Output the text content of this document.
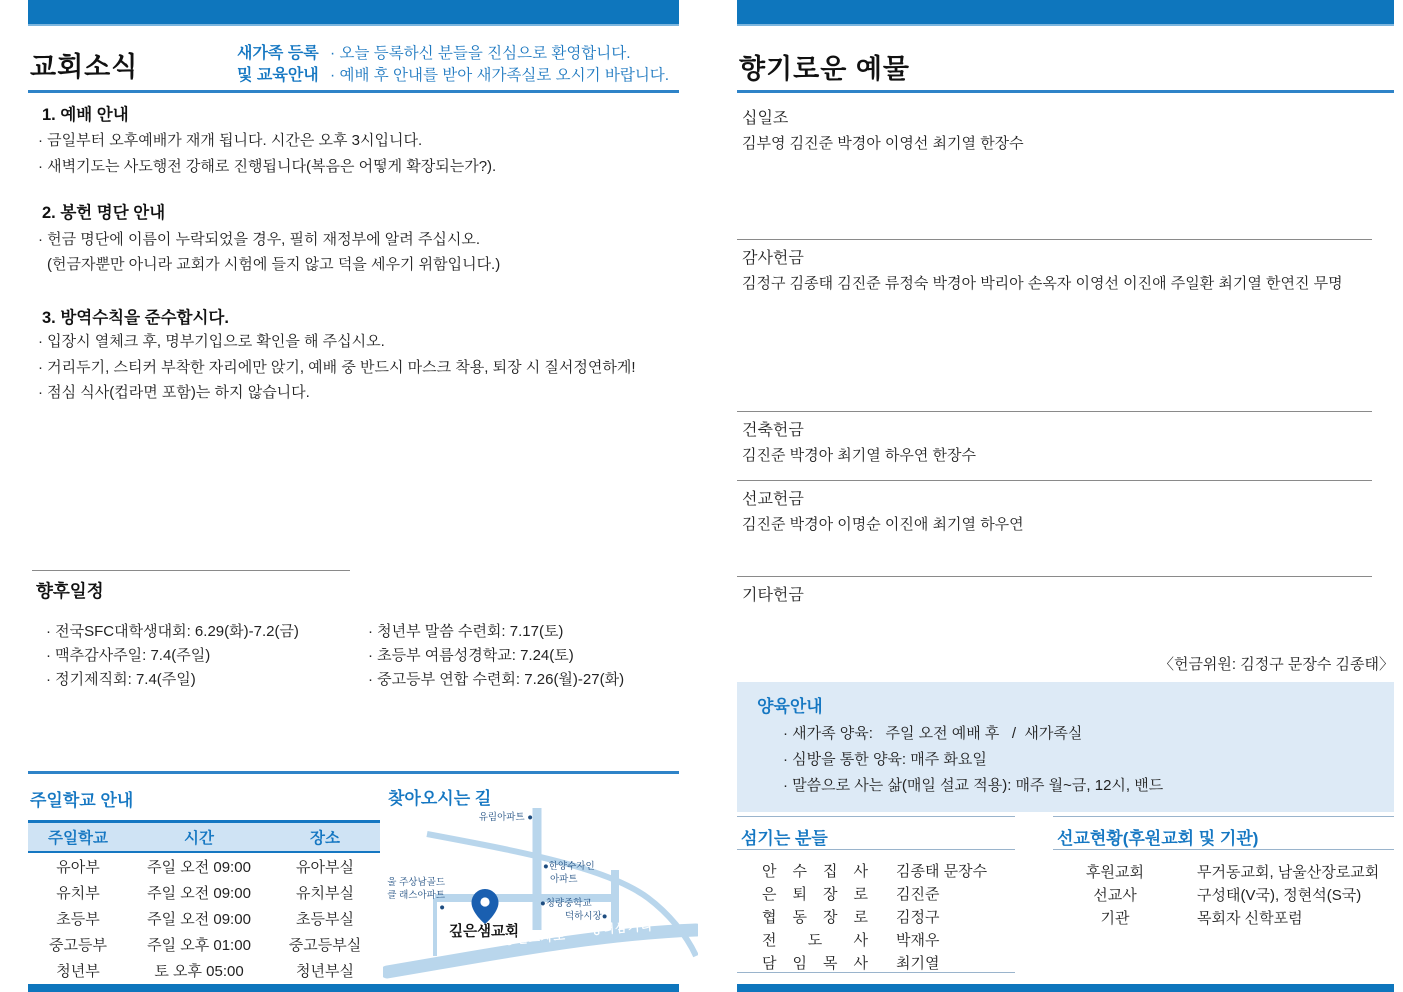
교회소식	새가족 등록
및 교육안내
· 오늘 등록하신 분들을 진심으로 환영합니다.
· 예배 후 안내를 받아 새가족실로 오시기 바랍니다.
1. 예배 안내
· 금일부터 오후예배가 재개 됩니다. 시간은 오후 3시입니다.
· 새벽기도는 사도행전 강해로 진행됩니다(복음은 어떻게 확장되는가?).
2. 봉헌 명단 안내
· 헌금 명단에 이름이 누락되었을 경우, 필히 재정부에 알려 주십시오.
(헌금자뿐만 아니라 교회가 시험에 들지 않고 덕을 세우기 위함입니다.)
3. 방역수칙을 준수합시다.
· 입장시 열체크 후, 명부기입으로 확인을 해 주십시오.
· 거리두기, 스티커 부착한 자리에만 앉기, 예배 중 반드시 마스크 착용, 퇴장 시 질서정연하게!
· 점심 식사(컵라면 포함)는 하지 않습니다.
향후일정
· 전국SFC대학생대회: 6.29(화)-7.2(금)
· 맥추감사주일: 7.4(주일)
· 정기제직회: 7.4(주일)
· 청년부 말씀 수련회: 7.17(토)
· 초등부 여름성경학교: 7.24(토)
· 중고등부 연합 수련회: 7.26(월)-27(화)
주일학교 안내
주일학교	시간	장소
유아부	주일 오전 09:00	유아부실
유치부	주일 오전 09:00	유치부실
초등부	주일 오전 09:00	초등부실
중고등부	주일 오후 01:00	중고등부실
청년부	토 오후 05:00	청년부실
찾아오시는 길
유림아파트 ●
●한양수자인
아파트
울 주상남골드
클 래스아파트 ●	●청량중학교
덕하시장●
깊은샘교회
송전교차로
장터삼거리
향기로운 예물
십일조
김부영 김진준 박경아 이영선 최기열 한장수
감사헌금
김정구 김종태 김진준 류정숙 박경아 박리아 손옥자 이영선 이진애 주일환 최기열 한연진 무명
건축헌금
김진준 박경아 최기열 하우연 한장수
선교헌금
김진준 박경아 이명순 이진애 최기열 하우연
기타헌금
〈헌금위원: 김정구 문장수 김종태〉
양육안내
· 새가족 양육:   주일 오전 예배 후   /  새가족실
· 심방을 통한 양육: 매주 화요일
· 말씀으로 사는 삶(매일 설교 적용): 매주 월~금, 12시, 밴드
섬기는 분들
안 수 집 사 김종태 문장수
은 퇴 장 로 김진준
협 동 장 로 김정구
전 도 사 박재우
담 임 목 사 최기열
선교현황(후원교회 및 기관)
후원교회	무거동교회, 남울산장로교회
선교사	구성태(V국), 정현석(S국)
기관	목회자 신학포럼
